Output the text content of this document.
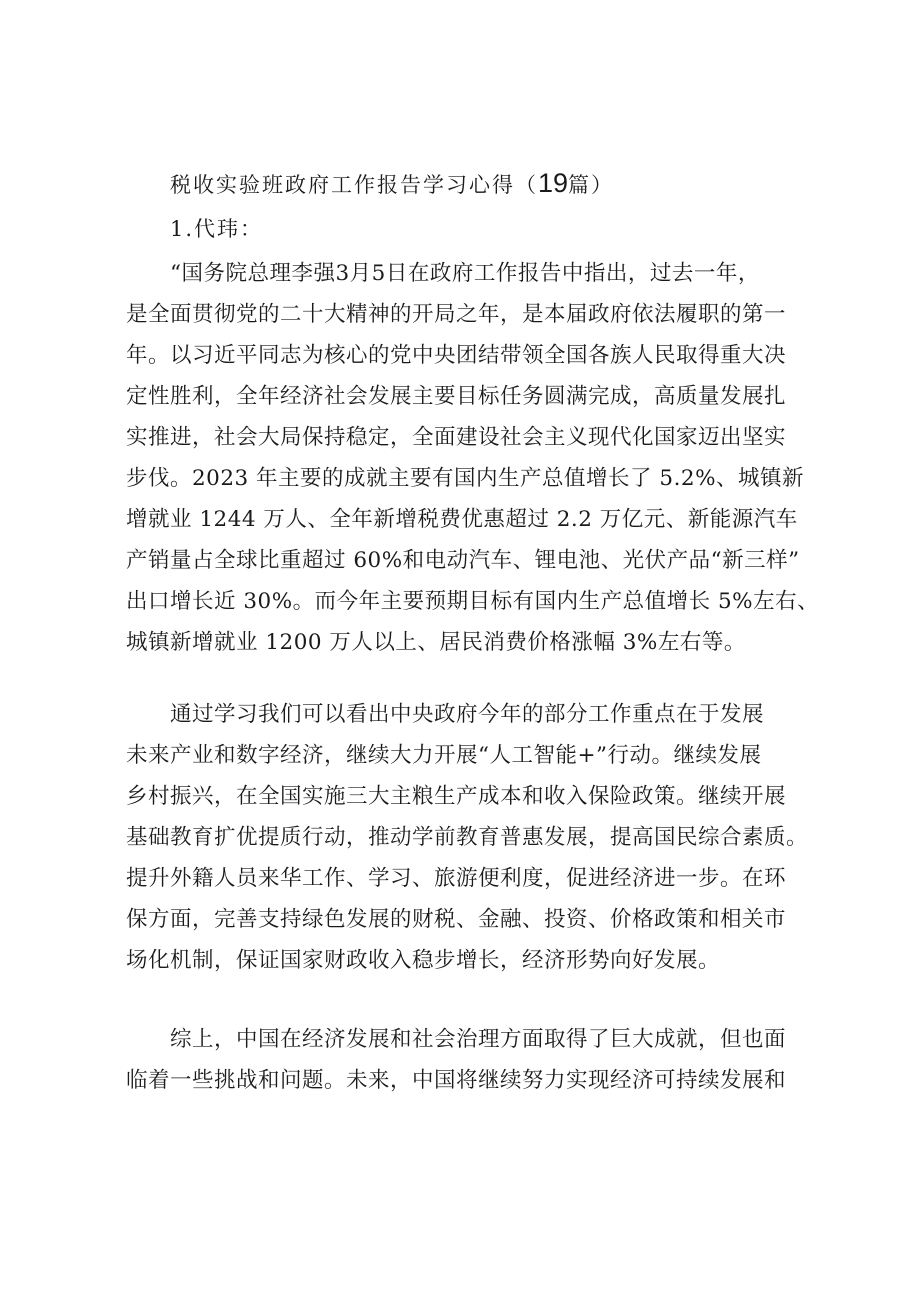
税收实验班政府工作报告学习心得（19篇）
1.代玮：
“国务院总理李强3月5日在政府工作报告中指出，过去一年，
是全面贯彻党的二十大精神的开局之年，是本届政府依法履职的第一
年。以习近平同志为核心的党中央团结带领全国各族人民取得重大决
定性胜利，全年经济社会发展主要目标任务圆满完成，高质量发展扎
实推进，社会大局保持稳定，全面建设社会主义现代化国家迈出坚实
步伐。2023 年主要的成就主要有国内生产总值增长了 5.2%、城镇新
增就业 1244 万人、全年新增税费优惠超过 2.2 万亿元、新能源汽车
产销量占全球比重超过 60%和电动汽车、锂电池、光伏产品“新三样”
出口增长近 30%。而今年主要预期目标有国内生产总值增长 5%左右、
城镇新增就业 1200 万人以上、居民消费价格涨幅 3%左右等。
通过学习我们可以看出中央政府今年的部分工作重点在于发展
未来产业和数字经济，继续大力开展“人工智能+”行动。继续发展
乡村振兴，在全国实施三大主粮生产成本和收入保险政策。继续开展
基础教育扩优提质行动，推动学前教育普惠发展，提高国民综合素质。
提升外籍人员来华工作、学习、旅游便利度，促进经济进一步。在环
保方面，完善支持绿色发展的财税、金融、投资、价格政策和相关市
场化机制，保证国家财政收入稳步增长，经济形势向好发展。
综上，中国在经济发展和社会治理方面取得了巨大成就，但也面
临着一些挑战和问题。未来，中国将继续努力实现经济可持续发展和
